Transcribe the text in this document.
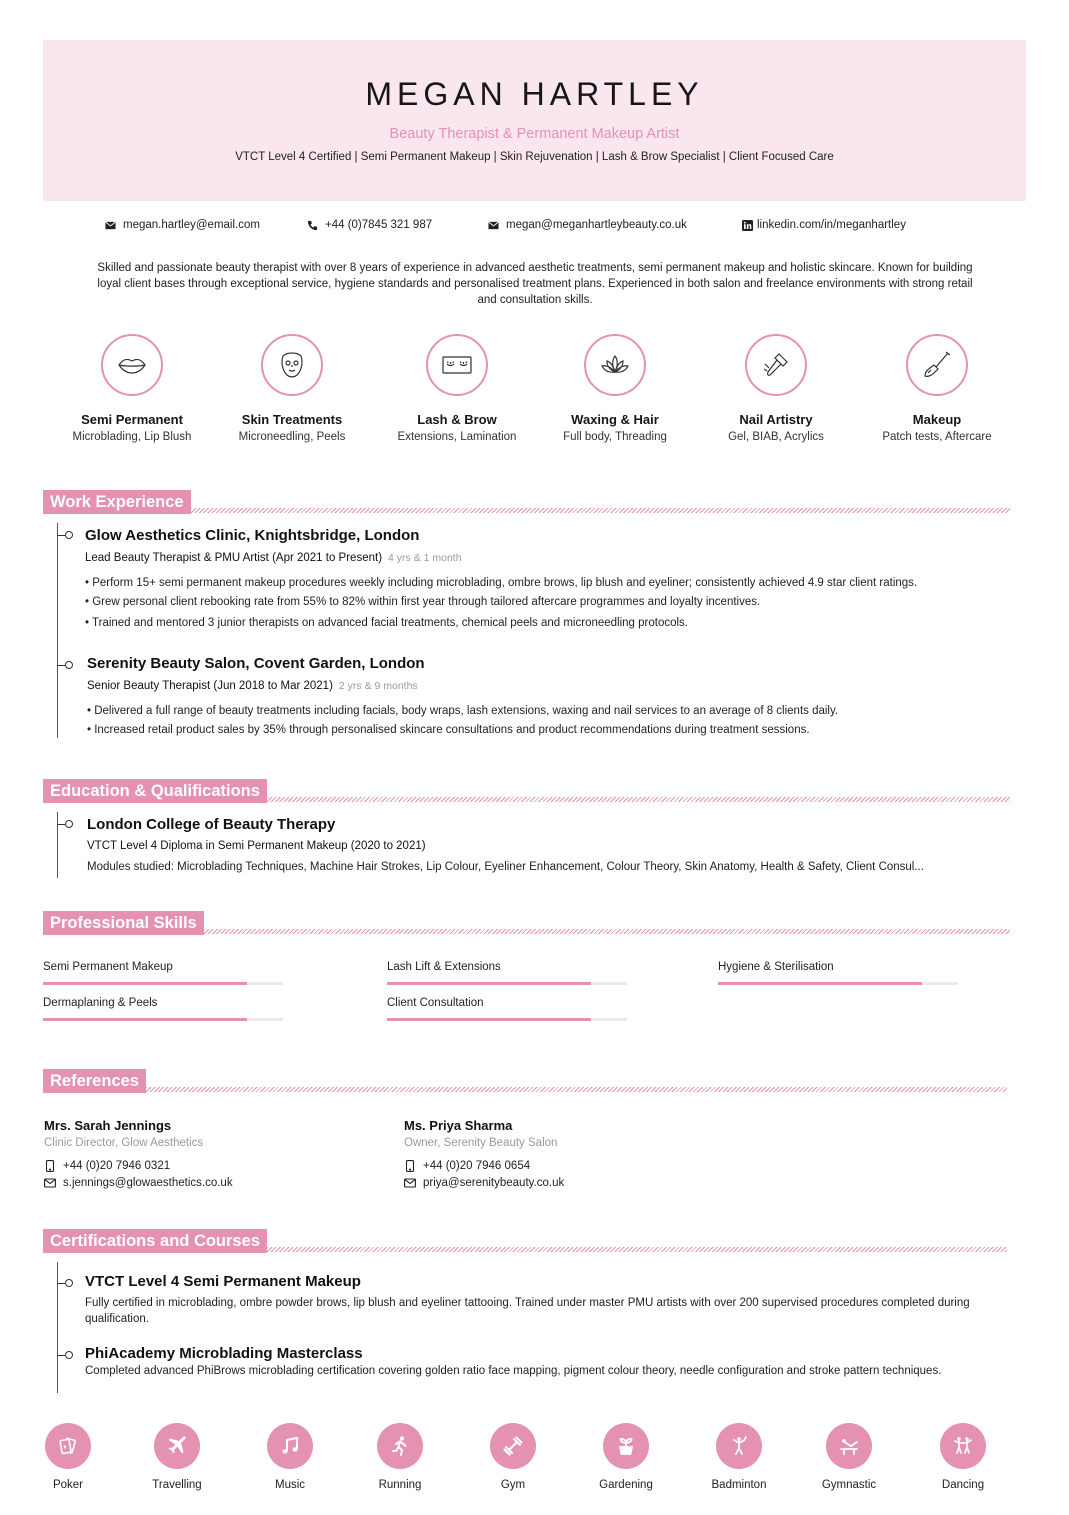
MEGAN HARTLEY
Beauty Therapist & Permanent Makeup Artist
VTCT Level 4 Certified | Semi Permanent Makeup | Skin Rejuvenation | Lash & Brow Specialist | Client Focused Care
megan.hartley@email.com	+44 (0)7845 321 987	megan@meganhartleybeauty.co.uk	linkedin.com/in/meganhartley
Skilled and passionate beauty therapist with over 8 years of experience in advanced aesthetic treatments, semi permanent makeup and holistic skincare. Known for building loyal client bases through exceptional service, hygiene standards and personalised treatment plans. Experienced in both salon and freelance environments with strong retail and consultation skills.
Semi Permanent
Microblading, Lip Blush
Skin Treatments
Microneedling, Peels
Lash & Brow
Extensions, Lamination
Waxing & Hair
Full body, Threading
Nail Artistry
Gel, BIAB, Acrylics
Makeup
Patch tests, Aftercare
Work Experience
Glow Aesthetics Clinic, Knightsbridge, London
Lead Beauty Therapist & PMU Artist (Apr 2021 to Present) 4 yrs & 1 month
• Perform 15+ semi permanent makeup procedures weekly including microblading, ombre brows, lip blush and eyeliner; consistently achieved 4.9 star client ratings.
• Grew personal client rebooking rate from 55% to 82% within first year through tailored aftercare programmes and loyalty incentives.
• Trained and mentored 3 junior therapists on advanced facial treatments, chemical peels and microneedling protocols.
Serenity Beauty Salon, Covent Garden, London
Senior Beauty Therapist (Jun 2018 to Mar 2021) 2 yrs & 9 months
• Delivered a full range of beauty treatments including facials, body wraps, lash extensions, waxing and nail services to an average of 8 clients daily.
• Increased retail product sales by 35% through personalised skincare consultations and product recommendations during treatment sessions.
Education & Qualifications
London College of Beauty Therapy
VTCT Level 4 Diploma in Semi Permanent Makeup (2020 to 2021)
Modules studied: Microblading Techniques, Machine Hair Strokes, Lip Colour, Eyeliner Enhancement, Colour Theory, Skin Anatomy, Health & Safety, Client Consul...
Professional Skills
Semi Permanent Makeup	Lash Lift & Extensions	Hygiene & Sterilisation
Dermaplaning & Peels	Client Consultation
References
Mrs. Sarah Jennings
Clinic Director, Glow Aesthetics
+44 (0)20 7946 0321
s.jennings@glowaesthetics.co.uk
Ms. Priya Sharma
Owner, Serenity Beauty Salon
+44 (0)20 7946 0654
priya@serenitybeauty.co.uk
Certifications and Courses
VTCT Level 4 Semi Permanent Makeup
Fully certified in microblading, ombre powder brows, lip blush and eyeliner tattooing. Trained under master PMU artists with over 200 supervised procedures completed during
qualification.
PhiAcademy Microblading Masterclass
Completed advanced PhiBrows microblading certification covering golden ratio face mapping, pigment colour theory, needle configuration and stroke pattern techniques.
Poker	Travelling	Music	Running	Gym	Gardening	Badminton	Gymnastic	Dancing
